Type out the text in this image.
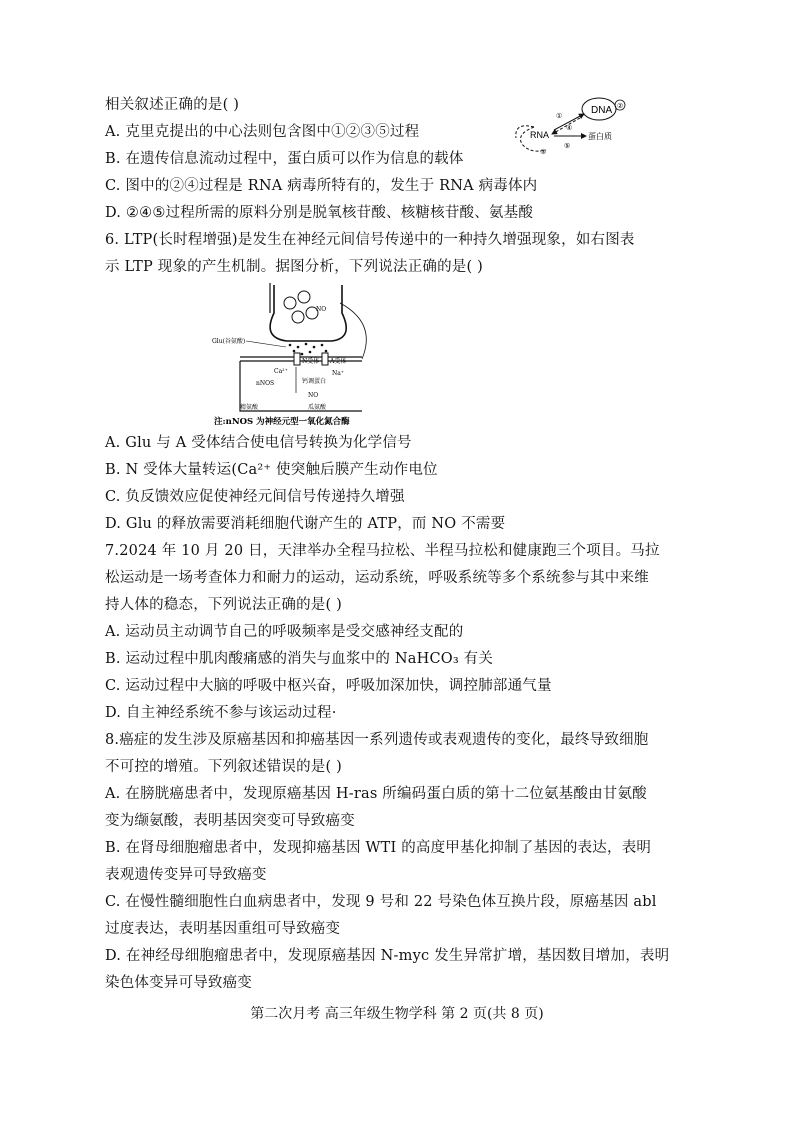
相关叙述正确的是( )
A. 克里克提出的中心法则包含图中①②③⑤过程
B. 在遗传信息流动过程中，蛋白质可以作为信息的载体
C. 图中的②④过程是 RNA 病毒所特有的，发生于 RNA 病毒体内
D. ②④⑤过程所需的原料分别是脱氧核苷酸、核糖核苷酸、氨基酸
DNA ②
RNA
①
④
蛋白质
⑤
③
6. LTP(长时程增强)是发生在神经元间信号传递中的一种持久增强现象，如右图表
示 LTP 现象的产生机制。据图分析，下列说法正确的是( )
NO
Glu(谷氨酸)
N受体 A受体
Ca²⁺	Na⁺
nNOS	钙调蛋白
NO
精氨酸	瓜氨酸
注:nNOS 为神经元型一氧化氮合酶
A. Glu 与 A 受体结合使电信号转换为化学信号
B. N 受体大量转运(Ca²⁺ 使突触后膜产生动作电位
C. 负反馈效应促使神经元间信号传递持久增强
D. Glu 的释放需要消耗细胞代谢产生的 ATP，而 NO 不需要
7.2024 年 10 月 20 日，天津举办全程马拉松、半程马拉松和健康跑三个项目。马拉
松运动是一场考查体力和耐力的运动，运动系统，呼吸系统等多个系统参与其中来维
持人体的稳态，下列说法正确的是( )
A. 运动员主动调节自己的呼吸频率是受交感神经支配的
B. 运动过程中肌肉酸痛感的消失与血浆中的 NaHCO₃ 有关
C. 运动过程中大脑的呼吸中枢兴奋，呼吸加深加快，调控肺部通气量
D. 自主神经系统不参与该运动过程·
8.癌症的发生涉及原癌基因和抑癌基因一系列遗传或表观遗传的变化，最终导致细胞
不可控的增殖。下列叙述错误的是( )
A. 在膀胱癌患者中，发现原癌基因 H-ras 所编码蛋白质的第十二位氨基酸由甘氨酸
变为缬氨酸，表明基因突变可导致癌变
B. 在肾母细胞瘤患者中，发现抑癌基因 WTI 的高度甲基化抑制了基因的表达，表明
表观遗传变异可导致癌变
C. 在慢性髓细胞性白血病患者中，发现 9 号和 22 号染色体互换片段，原癌基因 abl
过度表达，表明基因重组可导致癌变
D. 在神经母细胞瘤患者中，发现原癌基因 N-myc 发生异常扩增，基因数目增加，表明
染色体变异可导致癌变
第二次月考 高三年级生物学科 第 2 页(共 8 页)
